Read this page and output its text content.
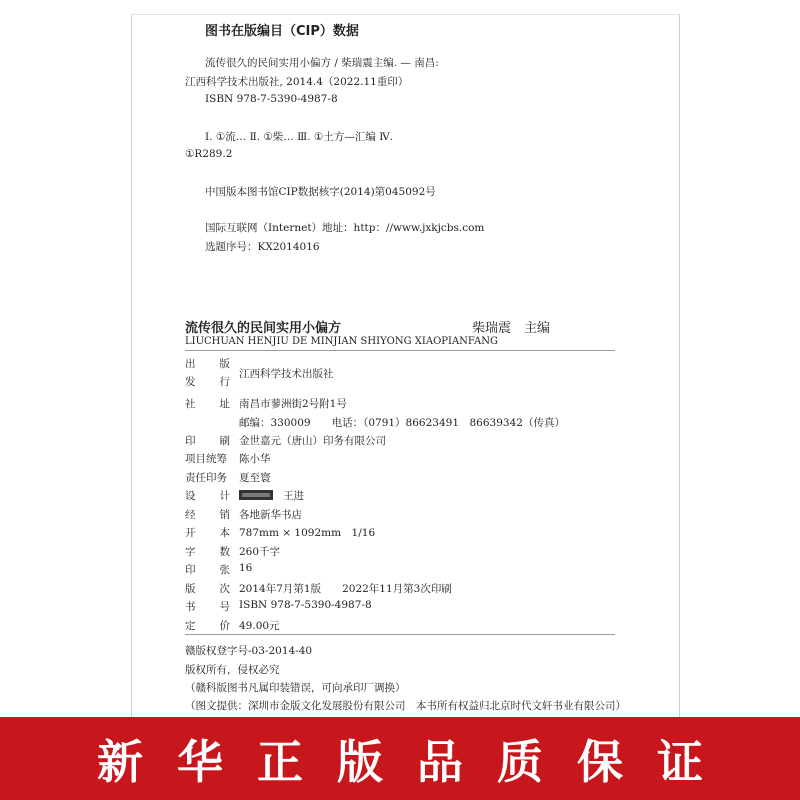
图书在版编目（CIP）数据
流传很久的民间实用小偏方 / 柴瑞震主编. — 南昌:
江西科学技术出版社, 2014.4（2022.11重印）
ISBN 978-7-5390-4987-8
Ⅰ. ①流… Ⅱ. ①柴… Ⅲ. ①土方—汇编 Ⅳ.
①R289.2
中国版本图书馆CIP数据核字(2014)第045092号
国际互联网（Internet）地址：http：//www.jxkjcbs.com
选题序号：KX2014016
流传很久的民间实用小偏方	柴瑞震　主编
LIUCHUAN HENJIU DE MINJIAN SHIYONG XIAOPIANFANG
出 版
发 行
江西科学技术出版社
社 址 南昌市蓼洲街2号附1号
邮编：330009　　电话：（0791）86623491　86639342（传真）
印 刷 金世嘉元（唐山）印务有限公司
项目统筹 陈小华
责任印务 夏至寰
设 计	王进
经 销 各地新华书店
开 本 787mm × 1092mm　1/16
字 数 260千字
印 张 16
版 次 2014年7月第1版　　2022年11月第3次印刷
书 号 ISBN 978-7-5390-4987-8
定 价 49.00元
赣版权登字号-03-2014-40
版权所有，侵权必究
（赣科版图书凡属印装错误，可向承印厂调换）
（图文提供：深圳市金版文化发展股份有限公司　本书所有权益归北京时代文轩书业有限公司）
新华正版品质保证
